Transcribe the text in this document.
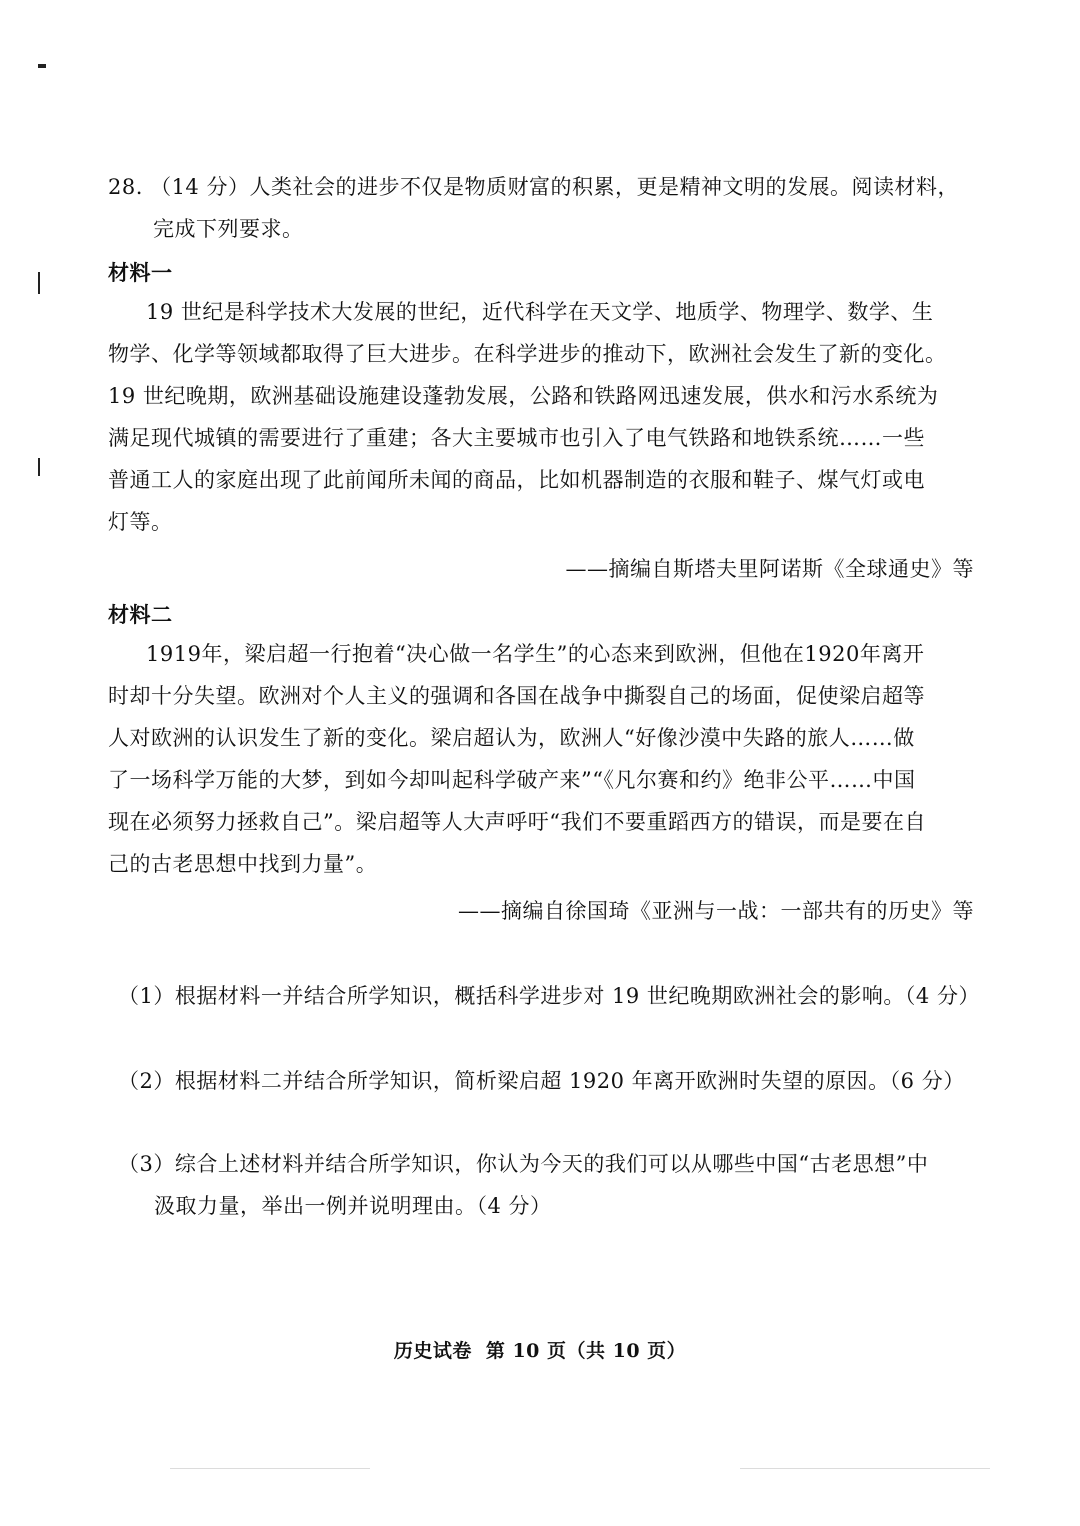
28. （14 分）人类社会的进步不仅是物质财富的积累，更是精神文明的发展。阅读材料，
完成下列要求。
材料一
19 世纪是科学技术大发展的世纪，近代科学在天文学、地质学、物理学、数学、生
物学、化学等领域都取得了巨大进步。在科学进步的推动下，欧洲社会发生了新的变化。
19 世纪晚期，欧洲基础设施建设蓬勃发展，公路和铁路网迅速发展，供水和污水系统为
满足现代城镇的需要进行了重建；各大主要城市也引入了电气铁路和地铁系统……一些
普通工人的家庭出现了此前闻所未闻的商品，比如机器制造的衣服和鞋子、煤气灯或电
灯等。
——摘编自斯塔夫里阿诺斯《全球通史》等
材料二
1919年，梁启超一行抱着“决心做一名学生”的心态来到欧洲，但他在1920年离开
时却十分失望。欧洲对个人主义的强调和各国在战争中撕裂自己的场面，促使梁启超等
人对欧洲的认识发生了新的变化。梁启超认为，欧洲人“好像沙漠中失路的旅人……做
了一场科学万能的大梦，到如今却叫起科学破产来”“《凡尔赛和约》绝非公平……中国
现在必须努力拯救自己”。梁启超等人大声呼吁“我们不要重蹈西方的错误，而是要在自
己的古老思想中找到力量”。
——摘编自徐国琦《亚洲与一战：一部共有的历史》等
（1）根据材料一并结合所学知识，概括科学进步对 19 世纪晚期欧洲社会的影响。（4 分）
（2）根据材料二并结合所学知识，简析梁启超 1920 年离开欧洲时失望的原因。（6 分）
（3）综合上述材料并结合所学知识，你认为今天的我们可以从哪些中国“古老思想”中
汲取力量，举出一例并说明理由。（4 分）
历史试卷 第 10 页（共 10 页）
